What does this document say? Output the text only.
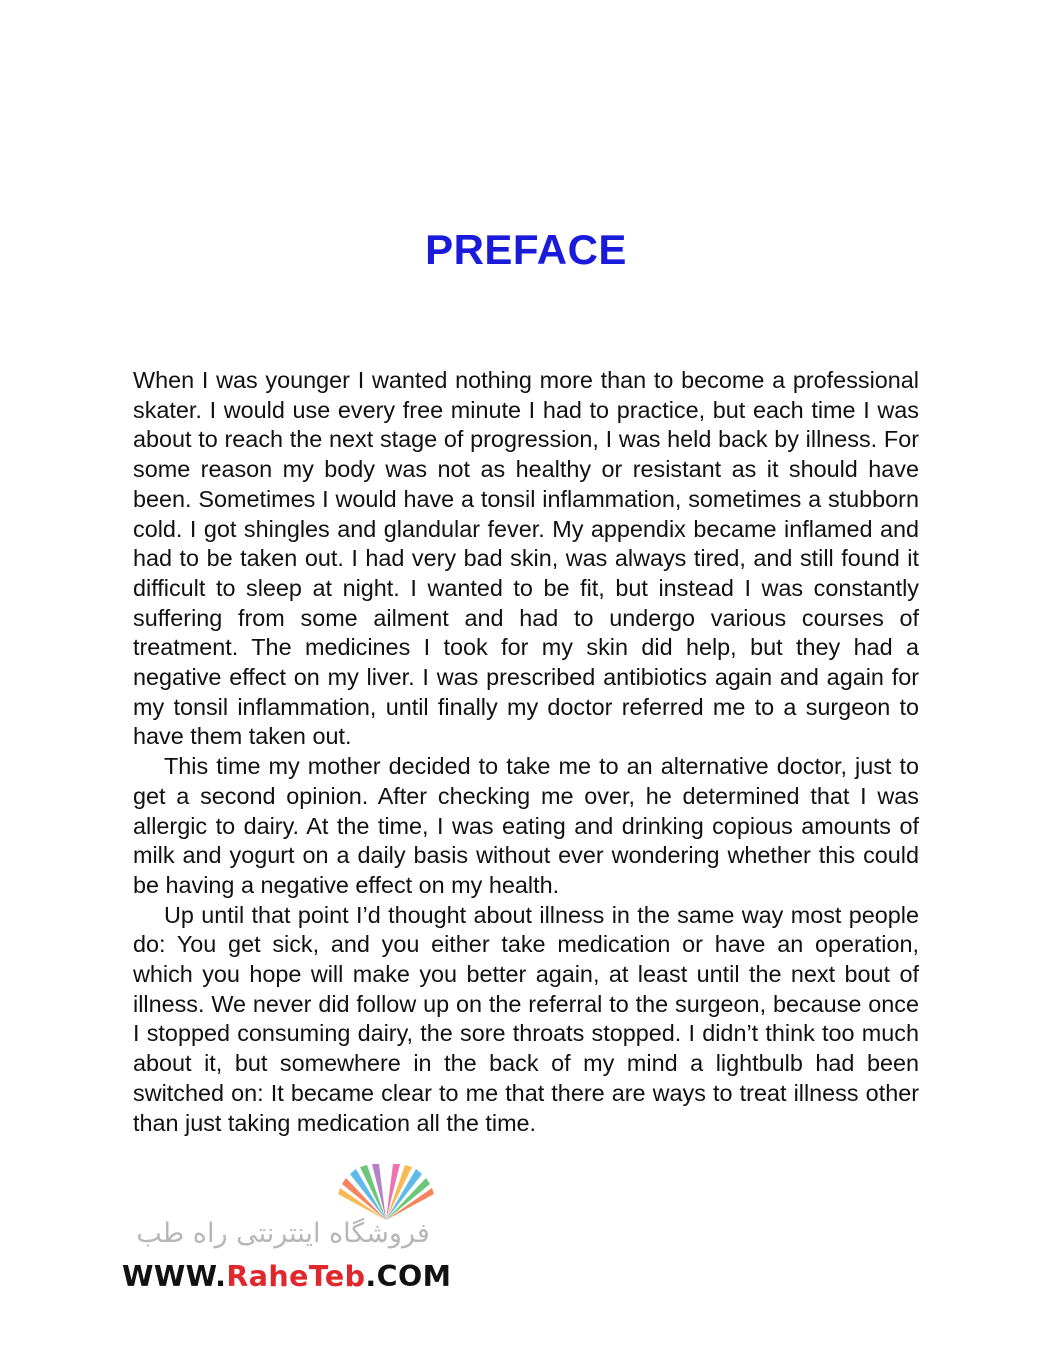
PREFACE

When I was younger I wanted nothing more than to become a professional skater. I would use every free minute I had to practice, but each time I was about to reach the next stage of progression, I was held back by illness. For some reason my body was not as healthy or resistant as it should have been. Sometimes I would have a tonsil inflammation, sometimes a stubborn cold. I got shingles and glandular fever. My appendix became inflamed and had to be taken out. I had very bad skin, was always tired, and still found it difficult to sleep at night. I wanted to be fit, but instead I was constantly suffering from some ailment and had to undergo various courses of treatment. The medicines I took for my skin did help, but they had a negative effect on my liver. I was prescribed antibiotics again and again for my tonsil inflammation, until finally my doctor referred me to a surgeon to have them taken out.

This time my mother decided to take me to an alternative doctor, just to get a second opinion. After checking me over, he determined that I was allergic to dairy. At the time, I was eating and drinking copious amounts of milk and yogurt on a daily basis without ever wondering whether this could be having a negative effect on my health.

Up until that point I’d thought about illness in the same way most people do: You get sick, and you either take medication or have an operation, which you hope will make you better again, at least until the next bout of illness. We never did follow up on the referral to the surgeon, because once I stopped consuming dairy, the sore throats stopped. I didn’t think too much about it, but somewhere in the back of my mind a lightbulb had been switched on: It became clear to me that there are ways to treat illness other than just taking medication all the time.

فروشگاه اینترنتی راه طب
WWW.RaheTeb.COM
